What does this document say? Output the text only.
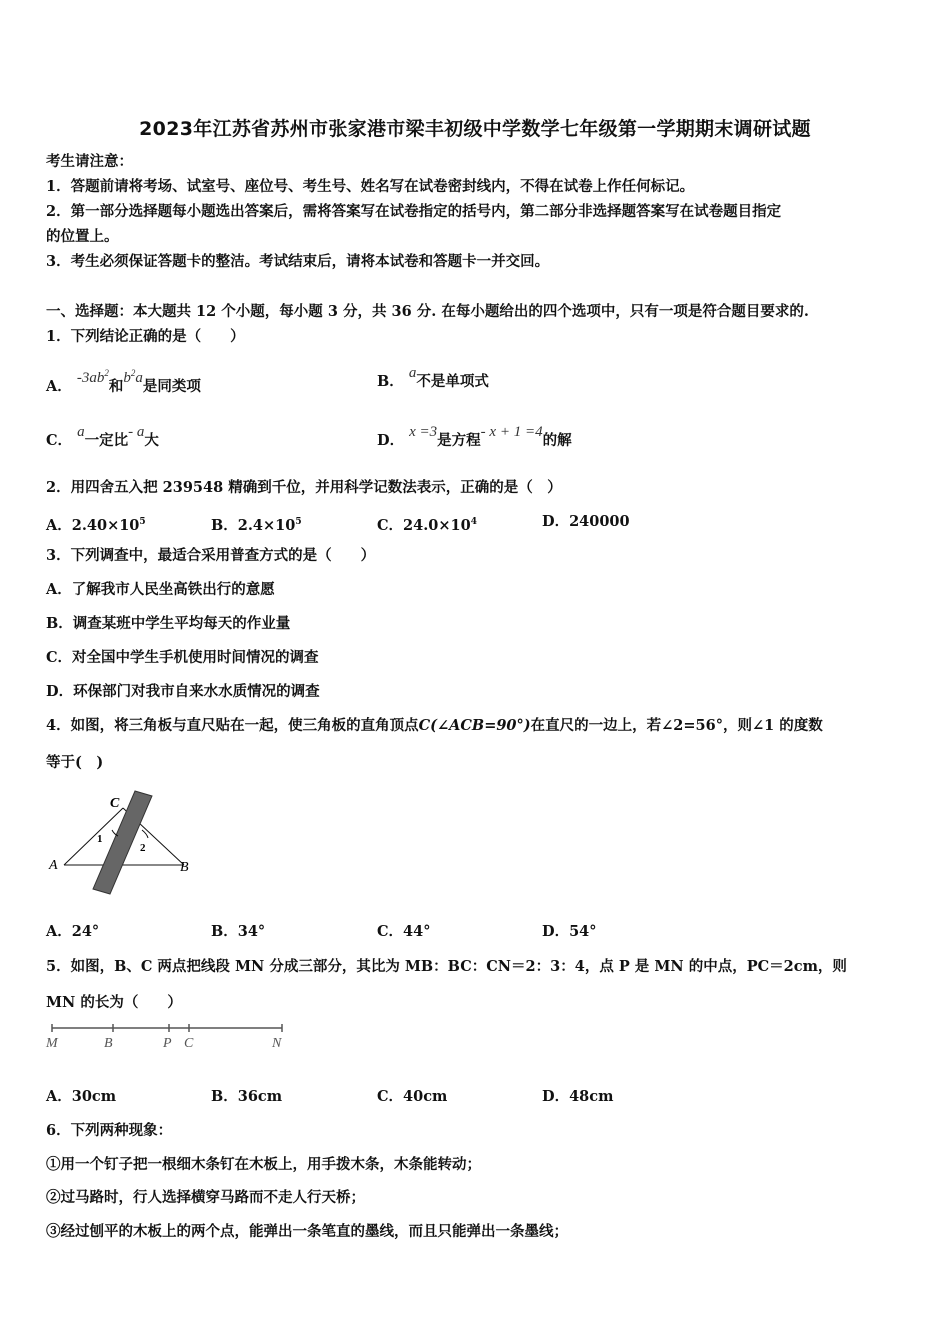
2023年江苏省苏州市张家港市梁丰初级中学数学七年级第一学期期末调研试题
考生请注意：
1．答题前请将考场、试室号、座位号、考生号、姓名写在试卷密封线内，不得在试卷上作任何标记。
2．第一部分选择题每小题选出答案后，需将答案写在试卷指定的括号内，第二部分非选择题答案写在试卷题目指定
的位置上。
3．考生必须保证答题卡的整洁。考试结束后，请将本试卷和答题卡一并交回。
一、选择题：本大题共 12 个小题，每小题 3 分，共 36 分. 在每小题给出的四个选项中，只有一项是符合题目要求的.
1．下列结论正确的是（　　）
A． $-3ab^2$和$b^2a$是同类项	B． a不是单项式
C． a一定比- a大	D． x =3是方程- x + 1 =4的解
2．用四舍五入把 239548 精确到千位，并用科学记数法表示，正确的是（　）
A．$2.40\times 10^5$	B．$2.4\times 10^5$	C．$24.0\times 10^4$	D．240000
3．下列调查中，最适合采用普查方式的是（　　）
A．了解我市人民坐高铁出行的意愿
B．调查某班中学生平均每天的作业量
C．对全国中学生手机使用时间情况的调查
D．环保部门对我市自来水水质情况的调查
4．如图，将三角板与直尺贴在一起，使三角板的直角顶点C(∠ACB=90°)在直尺的一边上，若∠2=56°，则∠1 的度数
等于(　)
C
A	B
1
2
A．24°	B．34°	C．44°	D．54°
5．如图，B、C 两点把线段 MN 分成三部分，其比为 MB：BC：CN＝2：3：4，点 P 是 MN 的中点，PC＝2cm，则
MN 的长为（　　）
M	B	P C	N
A．30cm	B．36cm	C．40cm	D．48cm
6．下列两种现象：
①用一个钉子把一根细木条钉在木板上，用手拨木条，木条能转动；
②过马路时，行人选择横穿马路而不走人行天桥；
③经过刨平的木板上的两个点，能弹出一条笔直的墨线，而且只能弹出一条墨线；
